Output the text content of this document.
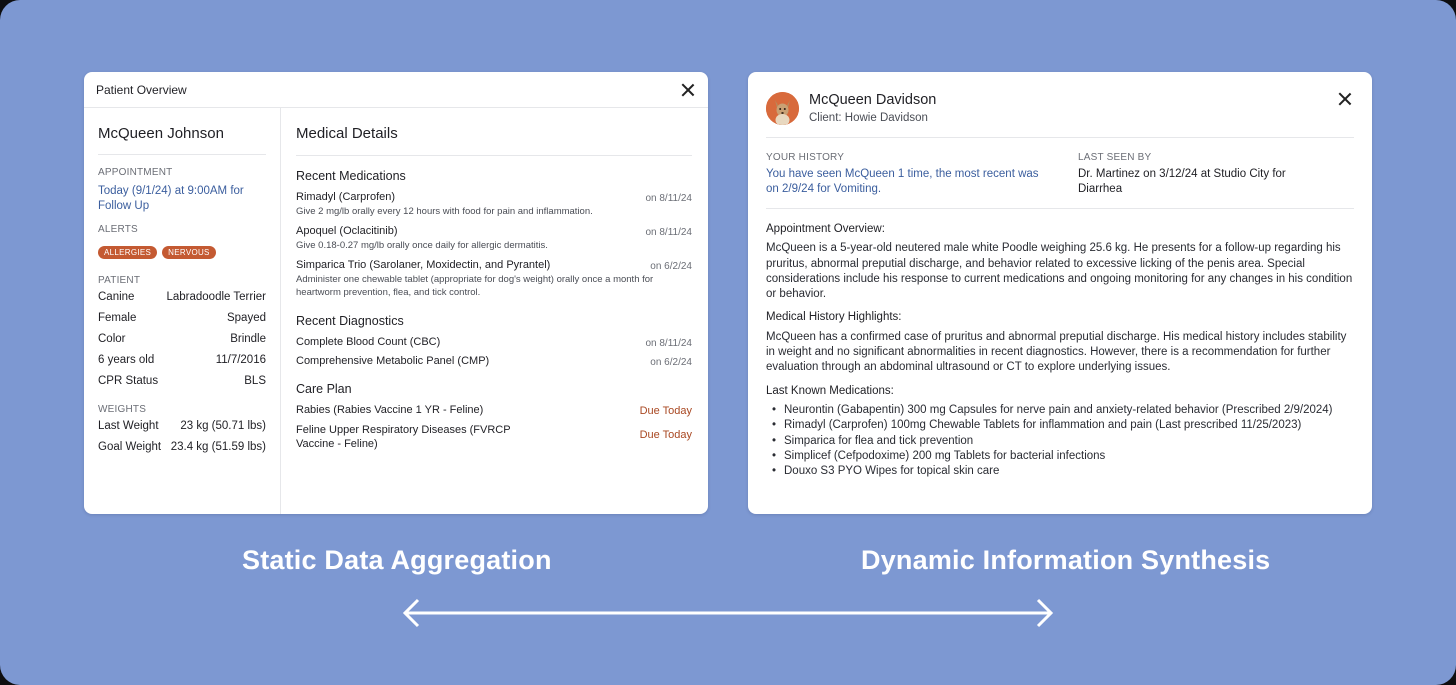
Patient Overview
McQueen Johnson
APPOINTMENT
Today (9/1/24) at 9:00AM for Follow Up
ALERTS
ALLERGIES NERVOUS
PATIENT
Canine	Labradoodle Terrier
Female	Spayed
Color	Brindle
6 years old	11/7/2016
CPR Status	BLS
WEIGHTS
Last Weight 23 kg (50.71 lbs)
Goal Weight 23.4 kg (51.59 lbs)
Medical Details
Recent Medications
Rimadyl (Carprofen)	on 8/11/24
Give 2 mg/lb orally every 12 hours with food for pain and inflammation.
Apoquel (Oclacitinib)	on 8/11/24
Give 0.18-0.27 mg/lb orally once daily for allergic dermatitis.
Simparica Trio (Sarolaner, Moxidectin, and Pyrantel)	on 6/2/24
Administer one chewable tablet (appropriate for dog's weight) orally once a month for heartworm prevention, flea, and tick control.
Recent Diagnostics
Complete Blood Count (CBC)	on 8/11/24
Comprehensive Metabolic Panel (CMP)	on 6/2/24
Care Plan
Rabies (Rabies Vaccine 1 YR - Feline)	Due Today
Feline Upper Respiratory Diseases (FVRCP Vaccine - Feline)
Due Today
McQueen Davidson
Client: Howie Davidson
YOUR HISTORY
You have seen McQueen 1 time, the most recent was on 2/9/24 for Vomiting.
LAST SEEN BY
Dr. Martinez on 3/12/24 at Studio City for Diarrhea
Appointment Overview:

McQueen is a 5-year-old neutered male white Poodle weighing 25.6 kg. He presents for a follow-up regarding his pruritus, abnormal preputial discharge, and behavior related to excessive licking of the penis area. Special considerations include his response to current medications and ongoing monitoring for any changes in his condition or behavior.

Medical History Highlights:

McQueen has a confirmed case of pruritus and abnormal preputial discharge. His medical history includes stability in weight and no significant abnormalities in recent diagnostics. However, there is a recommendation for further evaluation through an abdominal ultrasound or CT to explore underlying issues.

Last Known Medications:
• Neurontin (Gabapentin) 300 mg Capsules for nerve pain and anxiety-related behavior (Prescribed 2/9/2024)
• Rimadyl (Carprofen) 100mg Chewable Tablets for inflammation and pain (Last prescribed 11/25/2023)
• Simparica for flea and tick prevention
• Simplicef (Cefpodoxime) 200 mg Tablets for bacterial infections
• Douxo S3 PYO Wipes for topical skin care
Static Data Aggregation	Dynamic Information Synthesis
